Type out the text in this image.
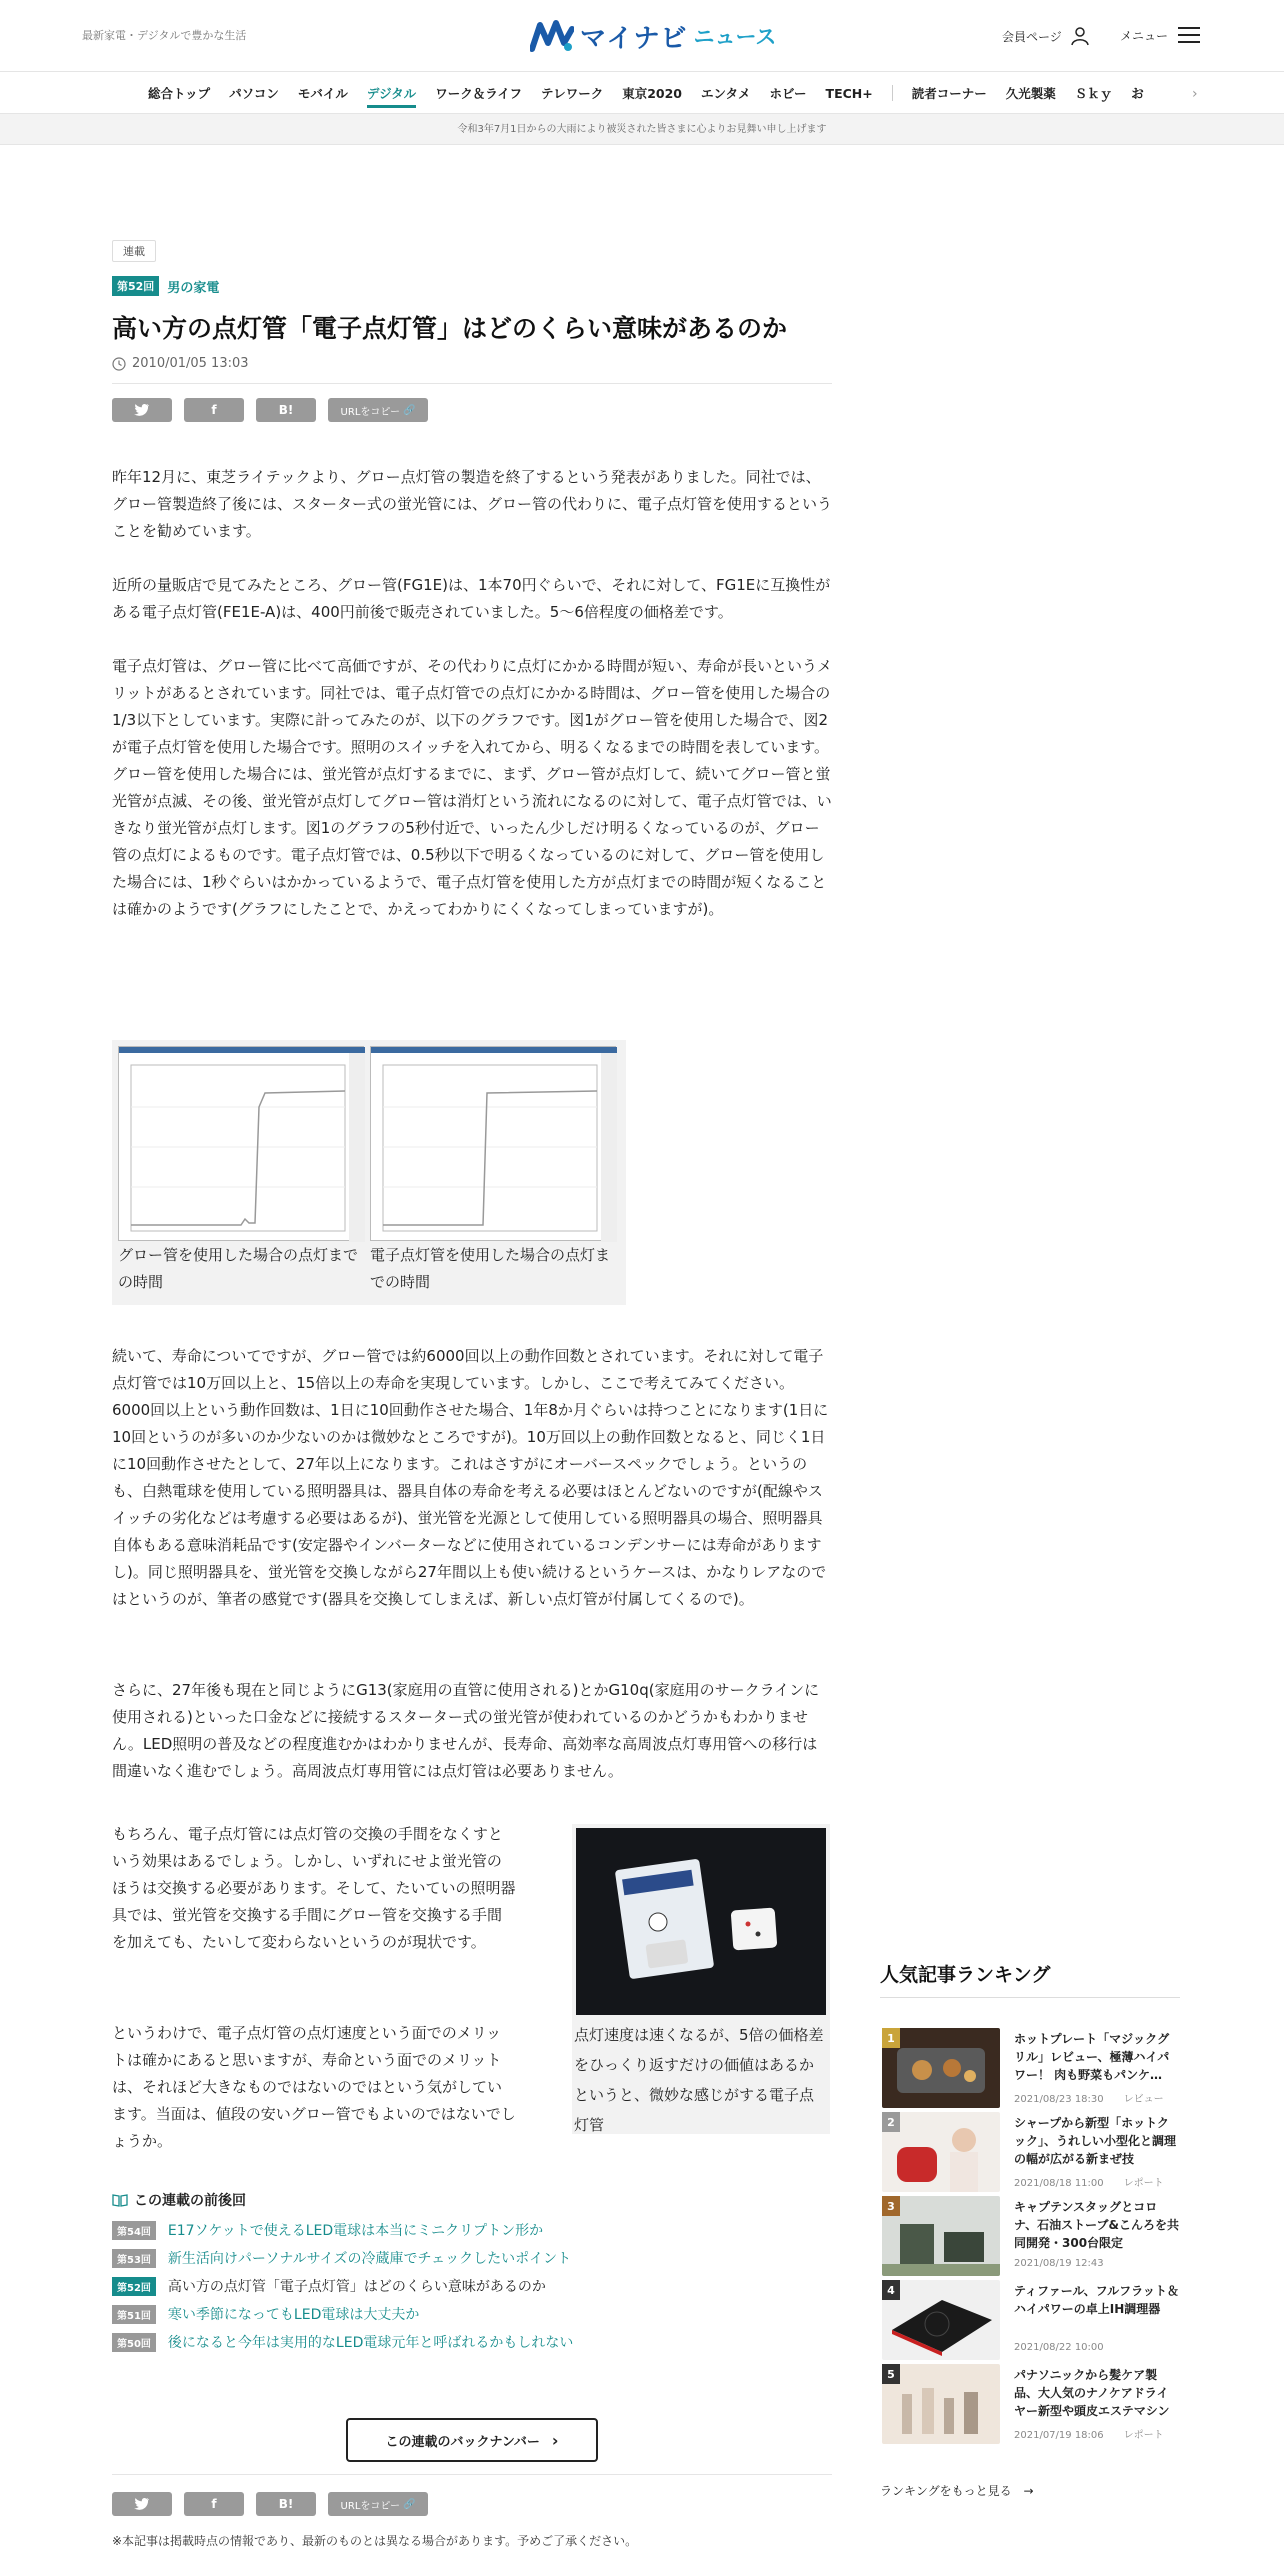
最新家電・デジタルで豊かな生活	マイナビ ニュース	会員ページ	メニュー
総合トップ パソコン モバイル デジタル ワーク＆ライフ テレワーク 東京2020 エンタメ ホビー TECH+	読者コーナー 久光製薬 Ｓｋｙ お	›
令和3年7月1日からの大雨により被災された皆さまに心よりお見舞い申し上げます
連載
第52回	男の家電
高い方の点灯管「電子点灯管」はどのくらい意味があるのか
2010/01/05 13:03
f	B!	URLをコピー 🔗

昨年12月に、東芝ライテックより、グロー点灯管の製造を終了するという発表がありました。同社では、グロー管製造終了後には、スターター式の蛍光管には、グロー管の代わりに、電子点灯管を使用するということを勧めています。

近所の量販店で見てみたところ、グロー管(FG1E)は、1本70円ぐらいで、それに対して、FG1Eに互換性がある電子点灯管(FE1E-A)は、400円前後で販売されていました。5～6倍程度の価格差です。

電子点灯管は、グロー管に比べて高価ですが、その代わりに点灯にかかる時間が短い、寿命が長いというメリットがあるとされています。同社では、電子点灯管での点灯にかかる時間は、グロー管を使用した場合の1/3以下としています。実際に計ってみたのが、以下のグラフです。図1がグロー管を使用した場合で、図2が電子点灯管を使用した場合です。照明のスイッチを入れてから、明るくなるまでの時間を表しています。グロー管を使用した場合には、蛍光管が点灯するまでに、まず、グロー管が点灯して、続いてグロー管と蛍光管が点滅、その後、蛍光管が点灯してグロー管は消灯という流れになるのに対して、電子点灯管では、いきなり蛍光管が点灯します。図1のグラフの5秒付近で、いったん少しだけ明るくなっているのが、グロー管の点灯によるものです。電子点灯管では、0.5秒以下で明るくなっているのに対して、グロー管を使用した場合には、1秒ぐらいはかかっているようで、電子点灯管を使用した方が点灯までの時間が短くなることは確かのようです(グラフにしたことで、かえってわかりにくくなってしまっていますが)。

グロー管を使用した場合の点灯までの時間
電子点灯管を使用した場合の点灯までの時間

続いて、寿命についてですが、グロー管では約6000回以上の動作回数とされています。それに対して電子点灯管では10万回以上と、15倍以上の寿命を実現しています。しかし、ここで考えてみてください。6000回以上という動作回数は、1日に10回動作させた場合、1年8か月ぐらいは持つことになります(1日に10回というのが多いのか少ないのかは微妙なところですが)。10万回以上の動作回数となると、同じく1日に10回動作させたとして、27年以上になります。これはさすがにオーバースペックでしょう。というのも、白熱電球を使用している照明器具は、器具自体の寿命を考える必要はほとんどないのですが(配線やスイッチの劣化などは考慮する必要はあるが)、蛍光管を光源として使用している照明器具の場合、照明器具自体もある意味消耗品です(安定器やインバーターなどに使用されているコンデンサーには寿命がありますし)。同じ照明器具を、蛍光管を交換しながら27年間以上も使い続けるというケースは、かなりレアなのではというのが、筆者の感覚です(器具を交換してしまえば、新しい点灯管が付属してくるので)。

さらに、27年後も現在と同じようにG13(家庭用の直管に使用される)とかG10q(家庭用のサークラインに使用される)といった口金などに接続するスターター式の蛍光管が使われているのかどうかもわかりません。LED照明の普及などの程度進むかはわかりませんが、長寿命、高効率な高周波点灯専用管への移行は間違いなく進むでしょう。高周波点灯専用管には点灯管は必要ありません。

もちろん、電子点灯管には点灯管の交換の手間をなくすという効果はあるでしょう。しかし、いずれにせよ蛍光管のほうは交換する必要があります。そして、たいていの照明器具では、蛍光管を交換する手間にグロー管を交換する手間を加えても、たいして変わらないというのが現状です。

というわけで、電子点灯管の点灯速度という面でのメリットは確かにあると思いますが、寿命という面でのメリットは、それほど大きなものではないのではという気がしています。当面は、値段の安いグロー管でもよいのではないでしょうか。

点灯速度は速くなるが、5倍の価格差をひっくり返すだけの価値はあるかというと、微妙な感じがする電子点灯管
この連載の前後回
第54回	E17ソケットで使えるLED電球は本当にミニクリプトン形か
第53回	新生活向けパーソナルサイズの冷蔵庫でチェックしたいポイント
第52回	高い方の点灯管「電子点灯管」はどのくらい意味があるのか
第51回	寒い季節になってもLED電球は大丈夫か
第50回	後になると今年は実用的なLED電球元年と呼ばれるかもしれない
この連載のバックナンバー ›
f	B!	URLをコピー 🔗
※本記事は掲載時点の情報であり、最新のものとは異なる場合があります。予めご了承ください。
人気記事ランキング
1	ホットプレート「マジックグリル」レビュー、極薄ハイパワー！ 肉も野菜もパンケ…
2021/08/23 18:30　　 レビュー
2	シャープから新型「ホットクック」、うれしい小型化と調理の幅が広がる新まぜ技
2021/08/18 11:00　　 レポート
3	キャプテンスタッグとコロナ、石油ストーブ&こんろを共同開発・300台限定
2021/08/19 12:43
4	ティファール、フルフラット＆ハイパワーの卓上IH調理器
2021/08/22 10:00
5	パナソニックから髪ケア製品、大人気のナノケアドライヤー新型や頭皮エステマシン
2021/07/19 18:06　　 レポート
ランキングをもっと見る →
